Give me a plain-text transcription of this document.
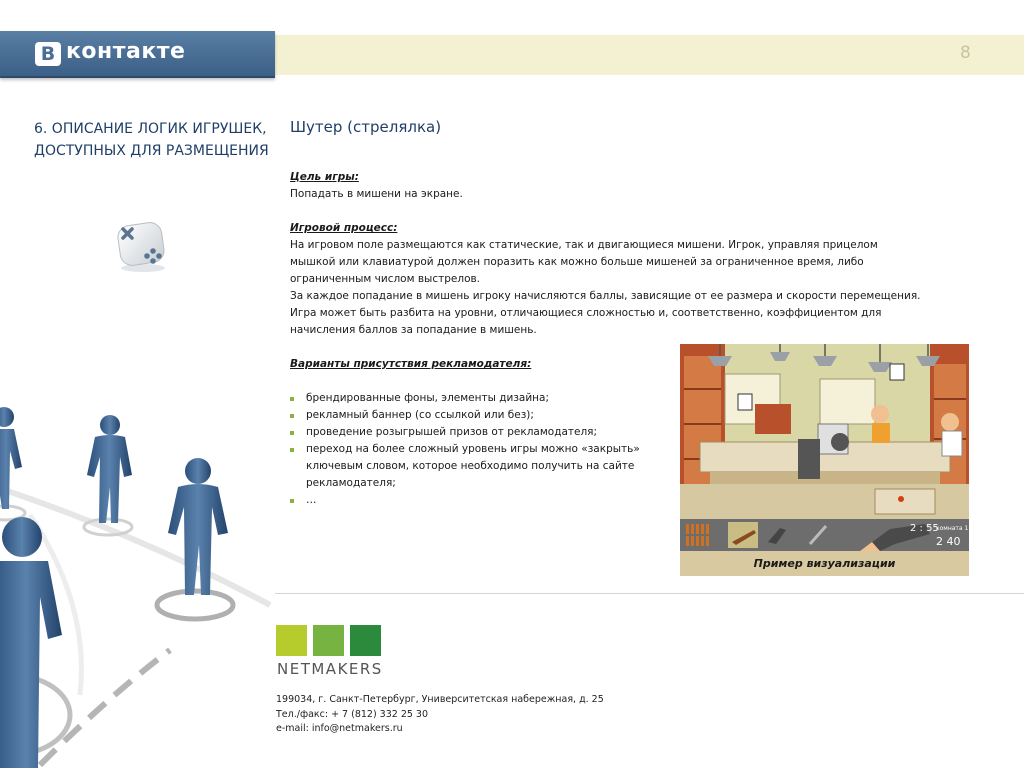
B контакте	8
6. ОПИСАНИЕ ЛОГИК ИГРУШЕК, ДОСТУПНЫХ ДЛЯ РАЗМЕЩЕНИЯ
Шутер (стрелялка)

Цель игры:

Попадать в мишени на экране.

Игровой процесс:

На игровом поле размещаются как статические, так и двигающиеся мишени. Игрок, управляя прицелом

мышкой или клавиатурой должен поразить как можно больше мишеней за ограниченное время, либо

ограниченным числом выстрелов.

За каждое попадание в мишень игроку начисляются баллы, зависящие от ее размера и скорости перемещения.

Игра может быть разбита на уровни, отличающиеся сложностью и, соответственно, коэффициентом для

начисления баллов за попадание в мишень.

Варианты присутствия рекламодателя:

брендированные фоны, элементы дизайна;
рекламный баннер (со ссылкой или без);
проведение розыгрышей призов от рекламодателя;
переход на более сложный уровень игры можно «закрыть» ключевым словом, которое необходимо получить на сайте рекламодателя;
…
2 : 55
комната 1
2 40
Пример визуализации
NETMAKERS
199034, г. Санкт-Петербург, Университетская набережная, д. 25
Тел./факс: + 7 (812) 332 25 30
e-mail: info@netmakers.ru
